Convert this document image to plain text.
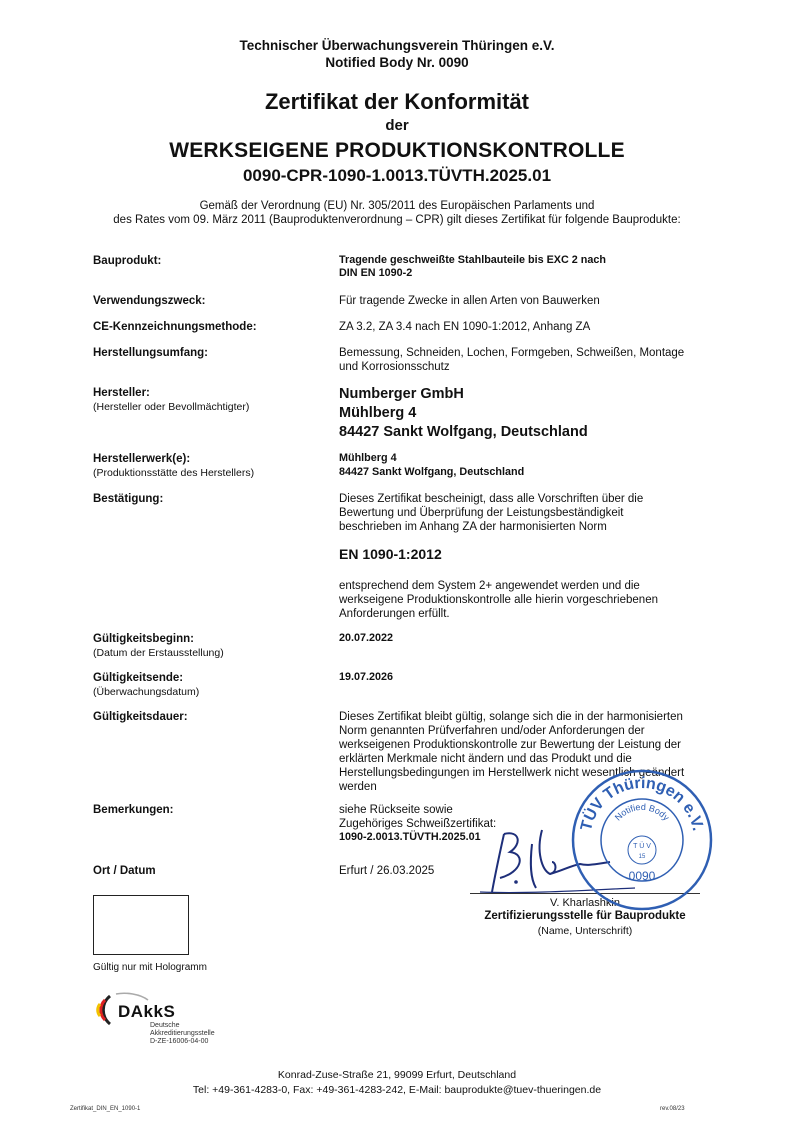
Technischer Überwachungsverein Thüringen e.V.
Notified Body Nr. 0090
Zertifikat der Konformität
der
WERKSEIGENE PRODUKTIONSKONTROLLE
0090-CPR-1090-1.0013.TÜVTH.2025.01
Gemäß der Verordnung (EU) Nr. 305/2011 des Europäischen Parlaments und
des Rates vom 09. März 2011 (Bauproduktenverordnung – CPR) gilt dieses Zertifikat für folgende Bauprodukte:
Bauprodukt:	Tragende geschweißte Stahlbauteile bis EXC 2 nach
DIN EN 1090-2
Verwendungszweck:	Für tragende Zwecke in allen Arten von Bauwerken
CE-Kennzeichnungsmethode:	ZA 3.2, ZA 3.4 nach EN 1090-1:2012, Anhang ZA
Herstellungsumfang:	Bemessung, Schneiden, Lochen, Formgeben, Schweißen, Montage
und Korrosionsschutz
Hersteller:
(Hersteller oder Bevollmächtigter)
Numberger GmbH
Mühlberg 4
84427 Sankt Wolfgang, Deutschland
Herstellerwerk(e):
(Produktionsstätte des Herstellers)
Mühlberg 4
84427 Sankt Wolfgang, Deutschland
Bestätigung:	Dieses Zertifikat bescheinigt, dass alle Vorschriften über die
Bewertung und Überprüfung der Leistungsbeständigkeit
beschrieben im Anhang ZA der harmonisierten Norm
EN 1090-1:2012
entsprechend dem System 2+ angewendet werden und die
werkseigene Produktionskontrolle alle hierin vorgeschriebenen
Anforderungen erfüllt.
Gültigkeitsbeginn:
(Datum der Erstausstellung)
20.07.2022
Gültigkeitsende:
(Überwachungsdatum)
19.07.2026
Gültigkeitsdauer:	Dieses Zertifikat bleibt gültig, solange sich die in der harmonisierten
Norm genannten Prüfverfahren und/oder Anforderungen der
werkseigenen Produktionskontrolle zur Bewertung der Leistung der
erklärten Merkmale nicht ändern und das Produkt und die
Herstellungsbedingungen im Herstellwerk nicht wesentlich geändert
werden
Bemerkungen:	siehe Rückseite sowie
Zugehöriges Schweißzertifikat:
1090-2.0013.TÜVTH.2025.01
Ort / Datum	Erfurt / 26.03.2025
V. Kharlashkin
Zertifizierungsstelle für Bauprodukte
(Name, Unterschrift)
TÜV Thüringen e.V.
Notified Body
T Ü V
15
0090
Gültig nur mit Hologramm
DAkkS
Deutsche
Akkreditierungsstelle
D-ZE-16006-04-00
Konrad-Zuse-Straße 21, 99099 Erfurt, Deutschland
Tel: +49-361-4283-0, Fax: +49-361-4283-242, E-Mail: bauprodukte@tuev-thueringen.de
Zertifikat_DIN_EN_1090-1	rev.08/23
